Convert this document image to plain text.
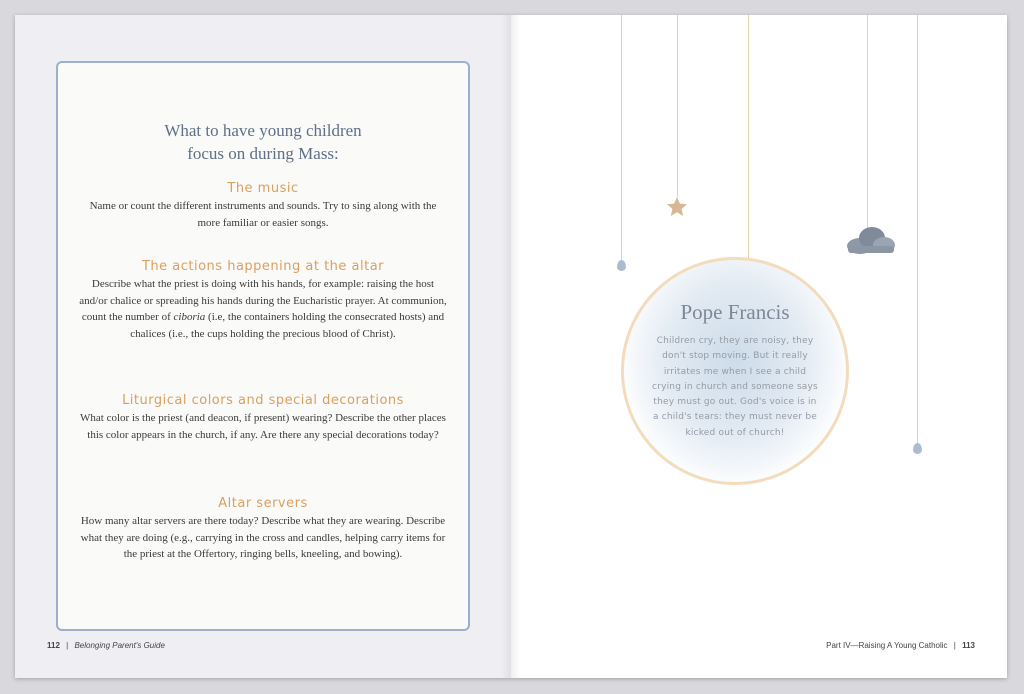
What to have young children
focus on during Mass:
The music

Name or count the different instruments and sounds. Try to sing along with the more familiar or easier songs.

The actions happening at the altar

Describe what the priest is doing with his hands, for example: raising the host and/or chalice or spreading his hands during the Eucharistic prayer. At communion, count the number of ciboria (i.e, the containers holding the consecrated hosts) and chalices (i.e., the cups holding the precious blood of Christ).

Liturgical colors and special decorations

What color is the priest (and deacon, if present) wearing? Describe the other places this color appears in the church, if any. Are there any special decorations today?

Altar servers

How many altar servers are there today? Describe what they are wearing. Describe what they are doing (e.g., carrying in the cross and candles, helping carry items for the priest at the Offertory, ringing bells, kneeling, and bowing).

112 | Belonging Parent's Guide	Part IV—Raising A Young Catholic | 113
Pope Francis
Children cry, they are noisy, they don't stop moving. But it really irritates me when I see a child crying in church and someone says they must go out. God's voice is in a child's tears: they must never be kicked out of church!
